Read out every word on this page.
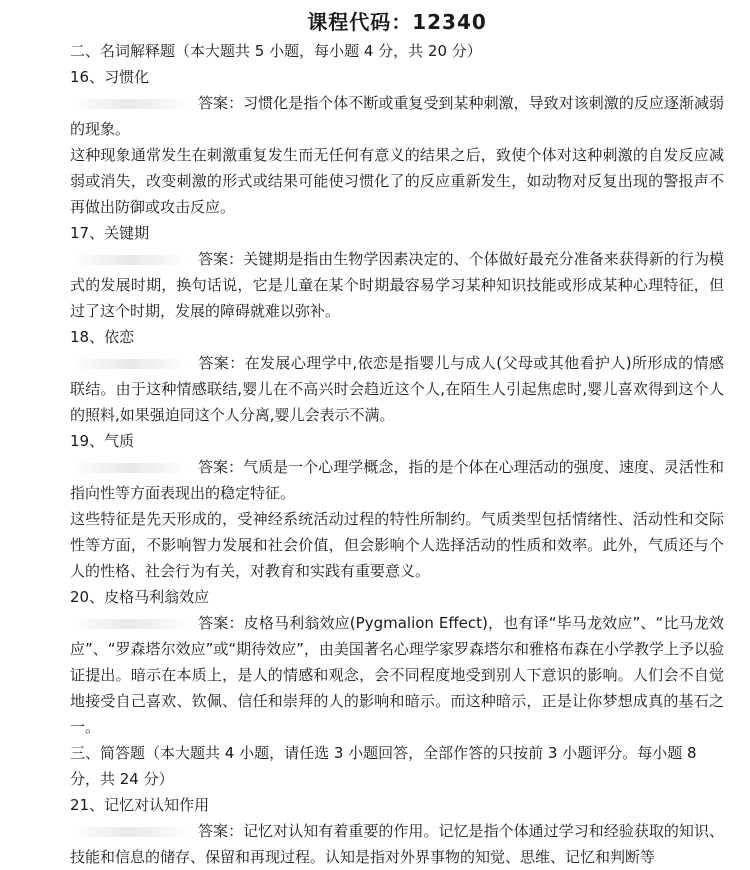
课程代码：12340

二、名词解释题（本大题共 5 小题，每小题 4 分，共 20 分）

16、习惯化

答案：习惯化是指个体不断或重复受到某种刺激，导致对该刺激的反应逐渐减弱的现象。

这种现象通常发生在刺激重复发生而无任何有意义的结果之后，致使个体对这种刺激的自发反应减弱或消失，改变刺激的形式或结果可能使习惯化了的反应重新发生，如动物对反复出现的警报声不再做出防御或攻击反应。

17、关键期

答案：关键期是指由生物学因素决定的、个体做好最充分准备来获得新的行为模式的发展时期，换句话说，它是儿童在某个时期最容易学习某种知识技能或形成某种心理特征，但过了这个时期，发展的障碍就难以弥补。

18、依恋

答案：在发展心理学中,依恋是指婴儿与成人(父母或其他看护人)所形成的情感联结。由于这种情感联结,婴儿在不高兴时会趋近这个人,在陌生人引起焦虑时,婴儿喜欢得到这个人的照料,如果强迫同这个人分离,婴儿会表示不满。

19、气质

答案：气质是一个心理学概念，指的是个体在心理活动的强度、速度、灵活性和指向性等方面表现出的稳定特征。

这些特征是先天形成的，受神经系统活动过程的特性所制约。气质类型包括情绪性、活动性和交际性等方面，不影响智力发展和社会价值，但会影响个人选择活动的性质和效率。此外，气质还与个人的性格、社会行为有关，对教育和实践有重要意义。

20、皮格马利翁效应

答案：皮格马利翁效应(Pygmalion Effect)，也有译“毕马龙效应”、“比马龙效应”、“罗森塔尔效应”或“期待效应”，由美国著名心理学家罗森塔尔和雅格布森在小学教学上予以验证提出。暗示在本质上，是人的情感和观念，会不同程度地受到别人下意识的影响。人们会不自觉地接受自己喜欢、钦佩、信任和崇拜的人的影响和暗示。而这种暗示，正是让你梦想成真的基石之一。

三、简答题（本大题共 4 小题，请任选 3 小题回答，全部作答的只按前 3 小题评分。每小题 8 分，共 24 分）

21、记忆对认知作用

答案：记忆对认知有着重要的作用。记忆是指个体通过学习和经验获取的知识、技能和信息的储存、保留和再现过程。认知是指对外界事物的知觉、思维、记忆和判断等
